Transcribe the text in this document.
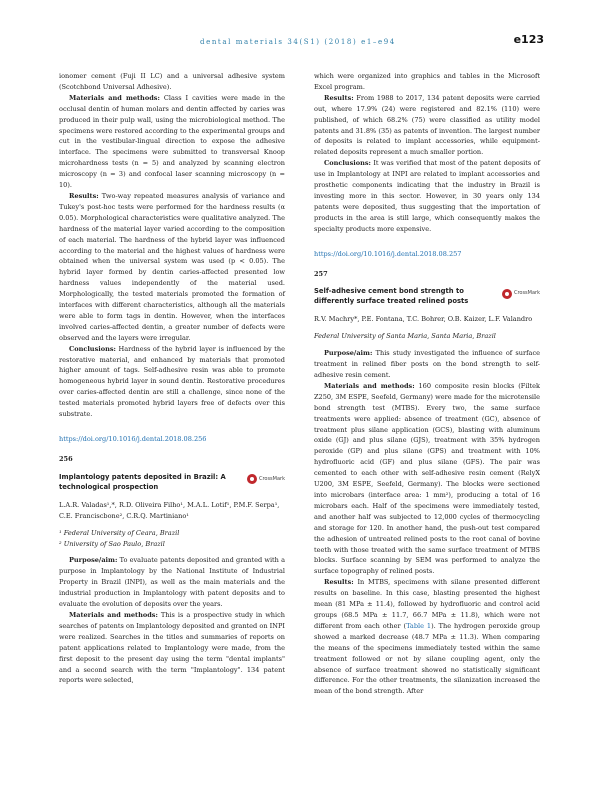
dental materials 34(S1) (2018) e1–e94	e123

ionomer cement (Fuji II LC) and a universal adhesive system (Scotchbond Universal Adhesive).

Materials and methods: Class I cavities were made in the occlusal dentin of human molars and dentin affected by caries was produced in their pulp wall, using the microbiological method. The specimens were restored according to the experimental groups and cut in the vestibular-lingual direction to expose the adhesive interface. The specimens were submitted to transversal Knoop microhardness tests (n = 5) and analyzed by scanning electron microscopy (n = 3) and confocal laser scanning microscopy (n = 10).

Results: Two-way repeated measures analysis of variance and Tukey's post-hoc tests were performed for the hardness results (α 0.05). Morphological characteristics were qualitative analyzed. The hardness of the material layer varied according to the composition of each material. The hardness of the hybrid layer was influenced according to the material and the highest values of hardness were obtained when the universal system was used (p < 0.05). The hybrid layer formed by dentin caries-affected presented low hardness values independently of the material used. Morphologically, the tested materials promoted the formation of interfaces with different characteristics, although all the materials were able to form tags in dentin. However, when the interfaces involved caries-affected dentin, a greater number of defects were observed and the layers were irregular.

Conclusions: Hardness of the hybrid layer is influenced by the restorative material, and enhanced by materials that promoted higher amount of tags. Self-adhesive resin was able to promote homogeneous hybrid layer in sound dentin. Restorative procedures over caries-affected dentin are still a challenge, since none of the tested materials promoted hybrid layers free of defects over this substrate.

https://doi.org/10.1016/j.dental.2018.08.256
256
Implantology patents deposited in Brazil: A technological prospection
CrossMark
L.A.R. Valadas¹,*, R.D. Oliveira Filho¹, M.A.L. Lotif¹, P.M.F. Serpa¹, C.E. Franciscbone², C.R.Q. Martiniano¹
¹ Federal University of Ceara, Brazil
² University of Sao Paulo, Brazil

Purpose/aim: To evaluate patents deposited and granted with a purpose in Implantology by the National Institute of Industrial Property in Brazil (INPI), as well as the main materials and the industrial production in Implantology with patent deposits and to evaluate the evolution of deposits over the years.

Materials and methods: This is a prospective study in which searches of patents on Implantology deposited and granted on INPI were realized. Searches in the titles and summaries of reports on patent applications related to Implantology were made, from the first deposit to the present day using the term "dental implants" and a second search with the term "Implantology". 134 patent reports were selected,

which were organized into graphics and tables in the Microsoft Excel program.

Results: From 1988 to 2017, 134 patent deposits were carried out, where 17.9% (24) were registered and 82.1% (110) were published, of which 68.2% (75) were classified as utility model patents and 31.8% (35) as patents of invention. The largest number of deposits is related to implant accessories, while equipment-related deposits represent a much smaller portion.

Conclusions: It was verified that most of the patent deposits of use in Implantology at INPI are related to implant accessories and prosthetic components indicating that the industry in Brazil is investing more in this sector. However, in 30 years only 134 patents were deposited, thus suggesting that the importation of products in the area is still large, which consequently makes the specialty products more expensive.

https://doi.org/10.1016/j.dental.2018.08.257
257
Self-adhesive cement bond strength to differently surface treated relined posts
CrossMark
R.V. Machry*, P.E. Fontana, T.C. Bohrer, O.B. Kaizer, L.F. Valandro
Federal University of Santa Maria, Santa Maria, Brazil

Purpose/aim: This study investigated the influence of surface treatment in relined fiber posts on the bond strength to self-adhesive resin cement.

Materials and methods: 160 composite resin blocks (Filtek Z250, 3M ESPE, Seefeld, Germany) were made for the microtensile bond strength test (MTBS). Every two, the same surface treatments were applied: absence of treatment (GC), absence of treatment plus silane application (GCS), blasting with aluminum oxide (GJ) and plus silane (GJS), treatment with 35% hydrogen peroxide (GP) and plus silane (GPS) and treatment with 10% hydrofluoric acid (GF) and plus silane (GFS). The pair was cemented to each other with self-adhesive resin cement (RelyX U200, 3M ESPE, Seefeld, Germany). The blocks were sectioned into microbars (interface area: 1 mm²), producing a total of 16 microbars each. Half of the specimens were immediately tested, and another half was subjected to 12,000 cycles of thermocycling and storage for 120. In another hand, the push-out test compared the adhesion of untreated relined posts to the root canal of bovine teeth with those treated with the same surface treatment of MTBS blocks. Surface scanning by SEM was performed to analyze the surface topography of relined posts.

Results: In MTBS, specimens with silane presented different results on baseline. In this case, blasting presented the highest mean (81 MPa ± 11.4), followed by hydrofluoric and control acid groups (68.5 MPa ± 11.7, 66.7 MPa ± 11.8), which were not different from each other (Table 1). The hydrogen peroxide group showed a marked decrease (48.7 MPa ± 11.3). When comparing the means of the specimens immediately tested within the same treatment followed or not by silane coupling agent, only the absence of surface treatment showed no statistically significant difference. For the other treatments, the silanization increased the mean of the bond strength. After
